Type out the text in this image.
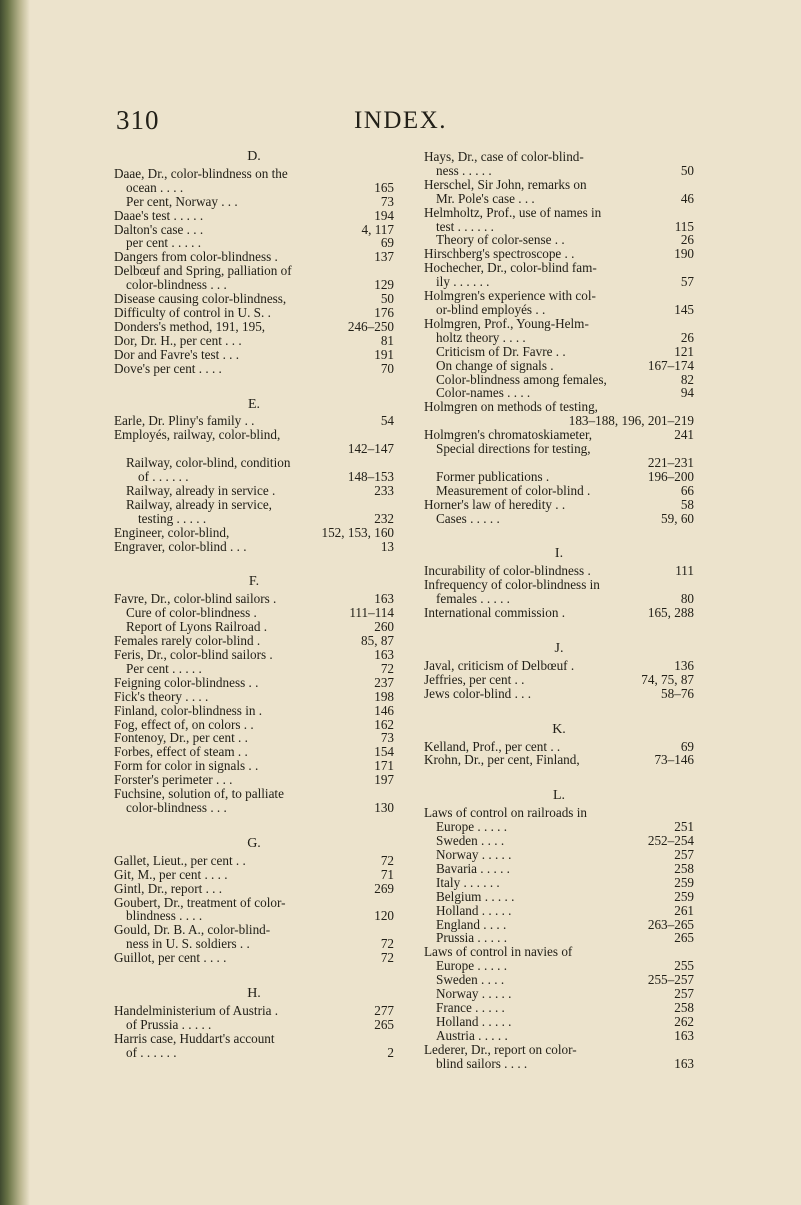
310	INDEX.
D.
Daae, Dr., color-blindness on the
ocean . . . .	165
Per cent, Norway . . .	73
Daae's test . . . . .	194
Dalton's case . . .	4, 117
per cent . . . . .	69
Dangers from color-blindness .	137
Delbœuf and Spring, palliation of
color-blindness . . .	129
Disease causing color-blindness,	50
Difficulty of control in U. S. .	176
Donders's method, 191, 195,	246–250
Dor, Dr. H., per cent . . .	81
Dor and Favre's test . . .	191
Dove's per cent . . . .	70
E.
Earle, Dr. Pliny's family . .	54
Employés, railway, color-blind,
142–147
Railway, color-blind, condition
of . . . . . .	148–153
Railway, already in service .	233
Railway, already in service,
testing . . . . .	232
Engineer, color-blind,	152, 153, 160
Engraver, color-blind . . .	13
F.
Favre, Dr., color-blind sailors .	163
Cure of color-blindness .	111–114
Report of Lyons Railroad .	260
Females rarely color-blind .	85, 87
Feris, Dr., color-blind sailors .	163
Per cent . . . . .	72
Feigning color-blindness . .	237
Fick's theory . . . .	198
Finland, color-blindness in .	146
Fog, effect of, on colors . .	162
Fontenoy, Dr., per cent . .	73
Forbes, effect of steam . .	154
Form for color in signals . .	171
Forster's perimeter . . .	197
Fuchsine, solution of, to palliate
color-blindness . . .	130
G.
Gallet, Lieut., per cent . .	72
Git, M., per cent . . . .	71
Gintl, Dr., report . . .	269
Goubert, Dr., treatment of color-
blindness . . . .	120
Gould, Dr. B. A., color-blind-
ness in U. S. soldiers . .	72
Guillot, per cent . . . .	72
H.
Handelministerium of Austria .	277
of Prussia . . . . .	265
Harris case, Huddart's account
of . . . . . .	2
Hays, Dr., case of color-blind-
ness . . . . .	50
Herschel, Sir John, remarks on
Mr. Pole's case . . .	46
Helmholtz, Prof., use of names in
test . . . . . .	115
Theory of color-sense . .	26
Hirschberg's spectroscope . .	190
Hochecher, Dr., color-blind fam-
ily . . . . . .	57
Holmgren's experience with col-
or-blind employés . .	145
Holmgren, Prof., Young-Helm-
holtz theory . . . .	26
Criticism of Dr. Favre . .	121
On change of signals .	167–174
Color-blindness among females,	82
Color-names . . . .	94
Holmgren on methods of testing,
183–188, 196, 201–219
Holmgren's chromatoskiameter,	241
Special directions for testing,
221–231
Former publications .	196–200
Measurement of color-blind .	66
Horner's law of heredity . .	58
Cases . . . . .	59, 60
I.
Incurability of color-blindness .	111
Infrequency of color-blindness in
females . . . . .	80
International commission .	165, 288
J.
Javal, criticism of Delbœuf .	136
Jeffries, per cent . .	74, 75, 87
Jews color-blind . . .	58–76
K.
Kelland, Prof., per cent . .	69
Krohn, Dr., per cent, Finland,	73–146
L.
Laws of control on railroads in
Europe . . . . .	251
Sweden . . . .	252–254
Norway . . . . .	257
Bavaria . . . . .	258
Italy . . . . . .	259
Belgium . . . . .	259
Holland . . . . .	261
England . . . .	263–265
Prussia . . . . .	265
Laws of control in navies of
Europe . . . . .	255
Sweden . . . .	255–257
Norway . . . . .	257
France . . . . .	258
Holland . . . . .	262
Austria . . . . .	163
Lederer, Dr., report on color-
blind sailors . . . .	163
